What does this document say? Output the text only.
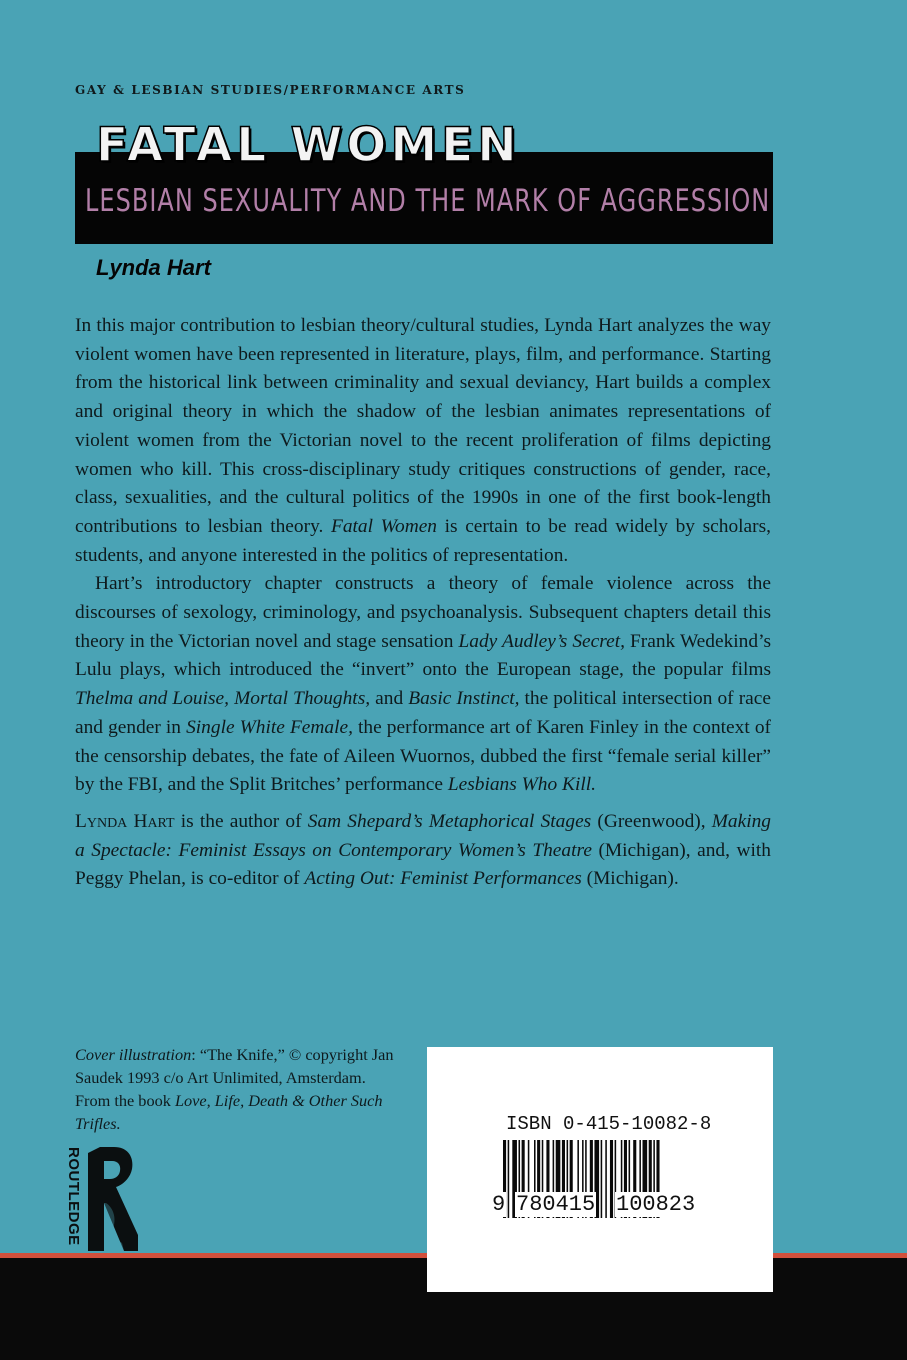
GAY & LESBIAN STUDIES/PERFORMANCE ARTS
FATAL WOMEN
LESBIAN SEXUALITY AND THE MARK OF AGGRESSION
Lynda Hart

In this major contribution to lesbian theory/cultural studies, Lynda Hart analyzes the way violent women have been represented in literature, plays, film, and performance. Starting from the historical link between criminality and sexual deviancy, Hart builds a complex and original theory in which the shadow of the lesbian animates representations of violent women from the Victorian novel to the recent proliferation of films depicting women who kill. This cross-disciplinary study critiques constructions of gender, race, class, sexualities, and the cultural politics of the 1990s in one of the first book-length contributions to lesbian theory. Fatal Women is certain to be read widely by scholars, students, and anyone interested in the politics of representation.

Hart’s introductory chapter constructs a theory of female violence across the discourses of sexology, criminology, and psychoanalysis. Subsequent chapters detail this theory in the Victorian novel and stage sensation Lady Audley’s Secret, Frank Wedekind’s Lulu plays, which introduced the “invert” onto the European stage, the popular films Thelma and Louise, Mortal Thoughts, and Basic Instinct, the political intersection of race and gender in Single White Female, the performance art of Karen Finley in the context of the censorship debates, the fate of Aileen Wuornos, dubbed the first “female serial killer” by the FBI, and the Split Britches’ performance Lesbians Who Kill.

Lynda Hart is the author of Sam Shepard’s Metaphorical Stages (Greenwood), Making a Spectacle: Feminist Essays on Contemporary Women’s Theatre (Michigan), and, with Peggy Phelan, is co-editor of Acting Out: Feminist Performances (Michigan).

Cover illustration: “The Knife,” © copyright Jan Saudek 1993 c/o Art Unlimited, Amsterdam. From the book Love, Life, Death & Other Such Trifles.
ROUTLEDGE
ISBN 0-415-10082-8
9 780415 100823
